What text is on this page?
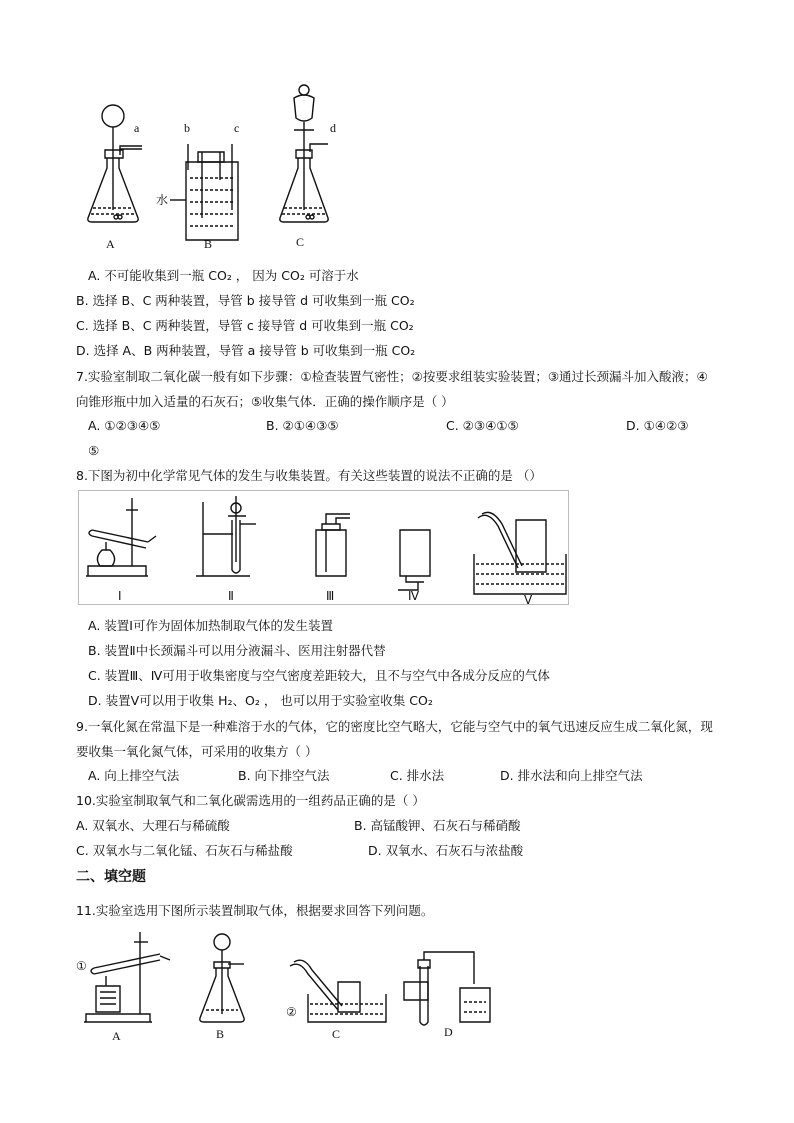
a	b	c	d
水
A	B	C
A. 不可能收集到一瓶 CO₂ ， 因为 CO₂ 可溶于水
B. 选择 B、C 两种装置，导管 b 接导管 d 可收集到一瓶 CO₂
C. 选择 B、C 两种装置，导管 c 接导管 d 可收集到一瓶 CO₂
D. 选择 A、B 两种装置，导管 a 接导管 b 可收集到一瓶 CO₂
7.实验室制取二氧化碳一般有如下步骤：①检查装置气密性；②按要求组装实验装置；③通过长颈漏斗加入酸液；④向锥形瓶中加入适量的石灰石；⑤收集气体．正确的操作顺序是（ ）
A. ①②③④⑤	B. ②①④③⑤	C. ②③④①⑤	D. ①④②③
⑤
8.下图为初中化学常见气体的发生与收集装置。有关这些装置的说法不正确的是 （）
Ⅰ	Ⅱ	Ⅲ	Ⅳ	Ⅴ
A. 装置Ⅰ可作为固体加热制取气体的发生装置
B. 装置Ⅱ中长颈漏斗可以用分液漏斗、医用注射器代替
C. 装置Ⅲ、Ⅳ可用于收集密度与空气密度差距较大，且不与空气中各成分反应的气体
D. 装置Ⅴ可以用于收集 H₂、O₂ ， 也可以用于实验室收集 CO₂
9.一氧化氮在常温下是一种难溶于水的气体，它的密度比空气略大，它能与空气中的氧气迅速反应生成二氧化氮，现要收集一氧化氮气体，可采用的收集方（ ）
A. 向上排空气法	B. 向下排空气法	C. 排水法	D. 排水法和向上排空气法
10.实验室制取氧气和二氧化碳需选用的一组药品正确的是（ ）
A. 双氧水、大理石与稀硫酸	B. 高锰酸钾、石灰石与稀硝酸
C. 双氧水与二氧化锰、石灰石与稀盐酸	D. 双氧水、石灰石与浓盐酸
二、填空题
11.实验室选用下图所示装置制取气体，根据要求回答下列问题。
①
②
A	B	C	D
